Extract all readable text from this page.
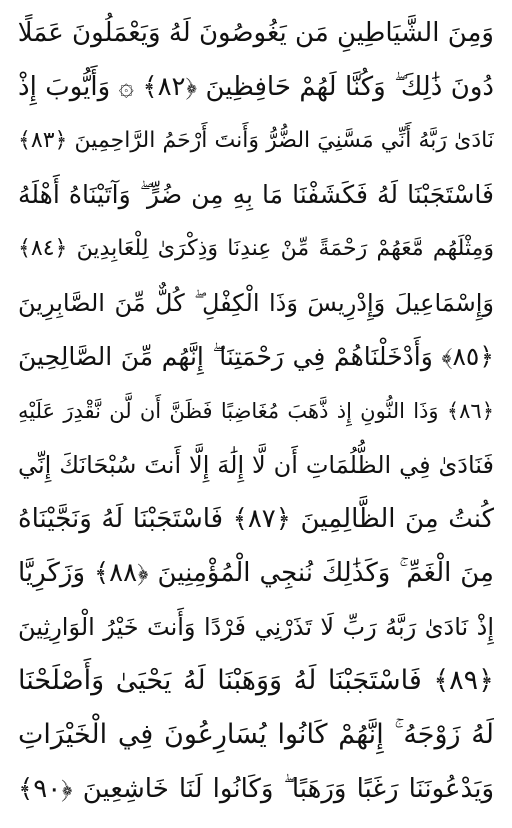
وَمِنَ الشَّيَاطِينِ مَن يَغُوصُونَ لَهُ وَيَعْمَلُونَ عَمَلًا
دُونَ ذَٰلِكَ ۖ وَكُنَّا لَهُمْ حَافِظِينَ ﴿٨٢﴾ ۞ وَأَيُّوبَ إِذْ
نَادَىٰ رَبَّهُ أَنِّي مَسَّنِيَ الضُّرُّ وَأَنتَ أَرْحَمُ الرَّاحِمِينَ ﴿٨٣﴾
فَاسْتَجَبْنَا لَهُ فَكَشَفْنَا مَا بِهِ مِن ضُرٍّ ۖ وَآتَيْنَاهُ أَهْلَهُ
وَمِثْلَهُم مَّعَهُمْ رَحْمَةً مِّنْ عِندِنَا وَذِكْرَىٰ لِلْعَابِدِينَ ﴿٨٤﴾
وَإِسْمَاعِيلَ وَإِدْرِيسَ وَذَا الْكِفْلِ ۖ كُلٌّ مِّنَ الصَّابِرِينَ
﴿٨٥﴾ وَأَدْخَلْنَاهُمْ فِي رَحْمَتِنَا ۖ إِنَّهُم مِّنَ الصَّالِحِينَ
﴿٨٦﴾ وَذَا النُّونِ إِذ ذَّهَبَ مُغَاضِبًا فَظَنَّ أَن لَّن نَّقْدِرَ عَلَيْهِ
فَنَادَىٰ فِي الظُّلُمَاتِ أَن لَّا إِلَٰهَ إِلَّا أَنتَ سُبْحَانَكَ إِنِّي
كُنتُ مِنَ الظَّالِمِينَ ﴿٨٧﴾ فَاسْتَجَبْنَا لَهُ وَنَجَّيْنَاهُ
مِنَ الْغَمِّ ۚ وَكَذَٰلِكَ نُنجِي الْمُؤْمِنِينَ ﴿٨٨﴾ وَزَكَرِيَّا
إِذْ نَادَىٰ رَبَّهُ رَبِّ لَا تَذَرْنِي فَرْدًا وَأَنتَ خَيْرُ الْوَارِثِينَ
﴿٨٩﴾ فَاسْتَجَبْنَا لَهُ وَوَهَبْنَا لَهُ يَحْيَىٰ وَأَصْلَحْنَا
لَهُ زَوْجَهُ ۚ إِنَّهُمْ كَانُوا يُسَارِعُونَ فِي الْخَيْرَاتِ
وَيَدْعُونَنَا رَغَبًا وَرَهَبًا ۖ وَكَانُوا لَنَا خَاشِعِينَ ﴿٩٠﴾
